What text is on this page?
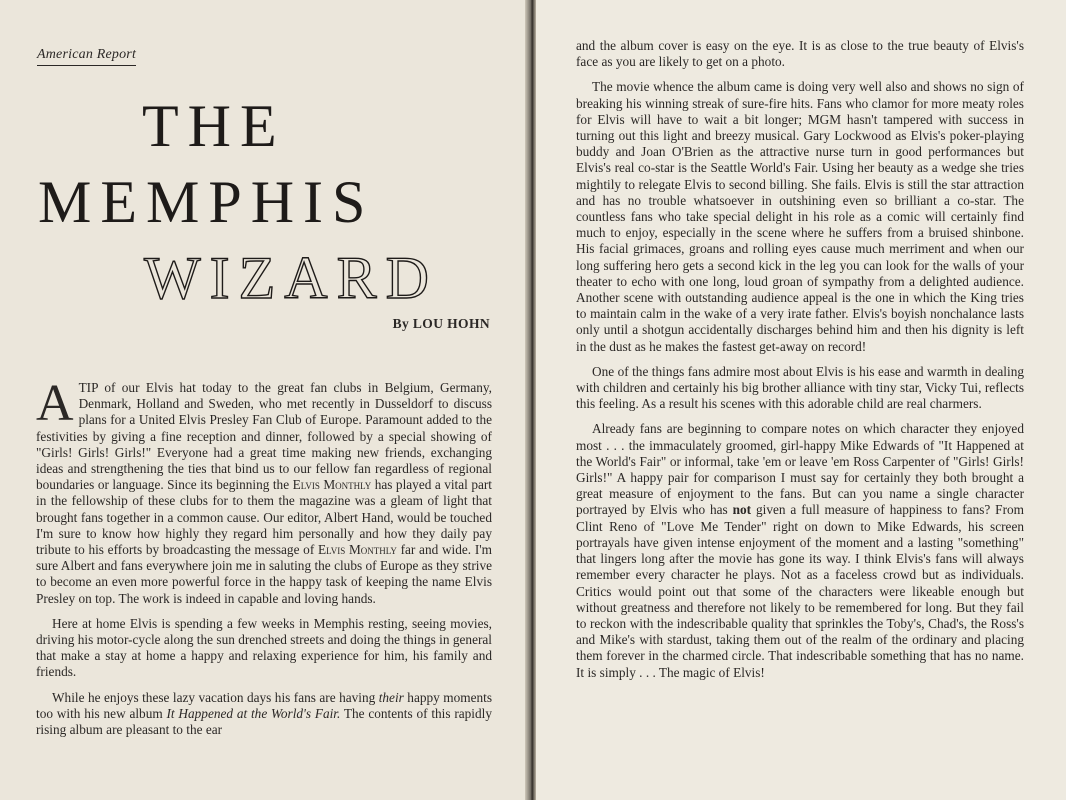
American Report
THE
MEMPHIS
WIZARD
By LOU HOHN

A TIP of our Elvis hat today to the great fan clubs in Belgium, Germany, Denmark, Holland and Sweden, who met recently in Dusseldorf to discuss plans for a United Elvis Presley Fan Club of Europe. Paramount added to the festivities by giving a fine reception and dinner, followed by a special showing of "Girls! Girls! Girls!" Everyone had a great time making new friends, exchanging ideas and strengthening the ties that bind us to our fellow fan regardless of regional boundaries or language. Since its beginning the Elvis Monthly has played a vital part in the fellowship of these clubs for to them the magazine was a gleam of light that brought fans together in a common cause. Our editor, Albert Hand, would be touched I'm sure to know how highly they regard him personally and how they daily pay tribute to his efforts by broadcasting the message of Elvis Monthly far and wide. I'm sure Albert and fans everywhere join me in saluting the clubs of Europe as they strive to become an even more powerful force in the happy task of keeping the name Elvis Presley on top. The work is indeed in capable and loving hands.

Here at home Elvis is spending a few weeks in Memphis resting, seeing movies, driving his motor-cycle along the sun drenched streets and doing the things in general that make a stay at home a happy and relaxing experience for him, his family and friends.

While he enjoys these lazy vacation days his fans are having their happy moments too with his new album It Happened at the World's Fair. The contents of this rapidly rising album are pleasant to the ear

and the album cover is easy on the eye. It is as close to the true beauty of Elvis's face as you are likely to get on a photo.

The movie whence the album came is doing very well also and shows no sign of breaking his winning streak of sure-fire hits. Fans who clamor for more meaty roles for Elvis will have to wait a bit longer; MGM hasn't tampered with success in turning out this light and breezy musical. Gary Lockwood as Elvis's poker-playing buddy and Joan O'Brien as the attractive nurse turn in good performances but Elvis's real co-star is the Seattle World's Fair. Using her beauty as a wedge she tries mightily to relegate Elvis to second billing. She fails. Elvis is still the star attraction and has no trouble whatsoever in outshining even so brilliant a co-star. The countless fans who take special delight in his role as a comic will certainly find much to enjoy, especially in the scene where he suffers from a bruised shinbone. His facial grimaces, groans and rolling eyes cause much merriment and when our long suffering hero gets a second kick in the leg you can look for the walls of your theater to echo with one long, loud groan of sympathy from a delighted audience. Another scene with outstanding audience appeal is the one in which the King tries to maintain calm in the wake of a very irate father. Elvis's boyish nonchalance lasts only until a shotgun accidentally discharges behind him and then his dignity is left in the dust as he makes the fastest get-away on record!

One of the things fans admire most about Elvis is his ease and warmth in dealing with children and certainly his big brother alliance with tiny star, Vicky Tui, reflects this feeling. As a result his scenes with this adorable child are real charmers.

Already fans are beginning to compare notes on which character they enjoyed most . . . the immaculately groomed, girl-happy Mike Edwards of "It Happened at the World's Fair" or informal, take 'em or leave 'em Ross Carpenter of "Girls! Girls! Girls!" A happy pair for comparison I must say for certainly they both brought a great measure of enjoyment to the fans. But can you name a single character portrayed by Elvis who has not given a full measure of happiness to fans? From Clint Reno of "Love Me Tender" right on down to Mike Edwards, his screen portrayals have given intense enjoyment of the moment and a lasting "something" that lingers long after the movie has gone its way. I think Elvis's fans will always remember every character he plays. Not as a faceless crowd but as individuals. Critics would point out that some of the characters were likeable enough but without greatness and therefore not likely to be remembered for long. But they fail to reckon with the indescribable quality that sprinkles the Toby's, Chad's, the Ross's and Mike's with stardust, taking them out of the realm of the ordinary and placing them forever in the charmed circle. That indescribable something that has no name. It is simply . . . The magic of Elvis!
